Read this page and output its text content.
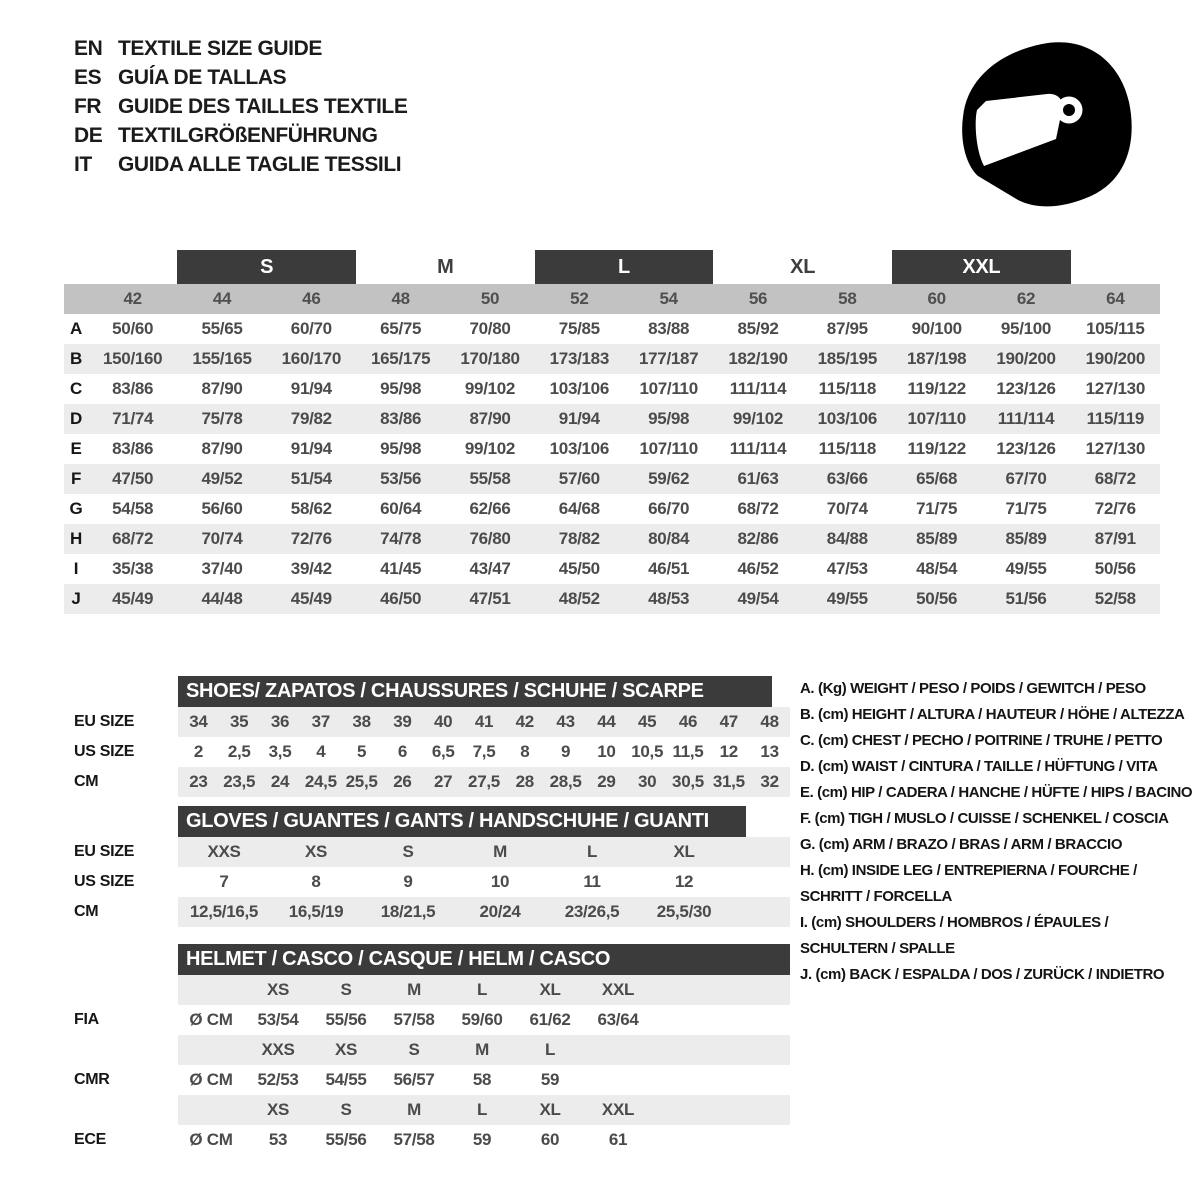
EN TEXTILE SIZE GUIDE
ES GUÍA DE TALLAS
FR GUIDE DES TAILLES TEXTILE
DE TEXTILGRÖßENFÜHRUNG
IT	GUIDA ALLE TAGLIE TESSILI
S	M	L	XL	XXL
42	44	46	48	50	52	54	56	58	60	62	64
A	50/60	55/65	60/70	65/75	70/80	75/85	83/88	85/92	87/95	90/100	95/100	105/115
B	150/160	155/165	160/170	165/175	170/180	173/183	177/187	182/190	185/195	187/198	190/200	190/200
C	83/86	87/90	91/94	95/98	99/102	103/106	107/110	111/114	115/118	119/122	123/126	127/130
D	71/74	75/78	79/82	83/86	87/90	91/94	95/98	99/102	103/106	107/110	111/114	115/119
E	83/86	87/90	91/94	95/98	99/102	103/106	107/110	111/114	115/118	119/122	123/126	127/130
F	47/50	49/52	51/54	53/56	55/58	57/60	59/62	61/63	63/66	65/68	67/70	68/72
G	54/58	56/60	58/62	60/64	62/66	64/68	66/70	68/72	70/74	71/75	71/75	72/76
H	68/72	70/74	72/76	74/78	76/80	78/82	80/84	82/86	84/88	85/89	85/89	87/91
I	35/38	37/40	39/42	41/45	43/47	45/50	46/51	46/52	47/53	48/54	49/55	50/56
J	45/49	44/48	45/49	46/50	47/51	48/52	48/53	49/54	49/55	50/56	51/56	52/58
SHOES/ ZAPATOS / CHAUSSURES / SCHUHE / SCARPE
EU SIZE	34	35	36	37	38	39	40	41	42	43	44	45	46	47	48
US SIZE	2	2,5	3,5	4	5	6	6,5	7,5	8	9	10 10,5 11,5 12	13
CM	23 23,5 24 24,5 25,5 26	27 27,5 28 28,5 29	30 30,5 31,5 32
GLOVES / GUANTES / GANTS / HANDSCHUHE / GUANTI
EU SIZE	XXS	XS	S	M	L	XL
US SIZE	7	8	9	10	11	12
CM	12,5/16,5	16,5/19	18/21,5	20/24	23/26,5	25,5/30
HELMET / CASCO / CASQUE / HELM / CASCO
XS	S	M	L	XL	XXL
FIA	Ø CM	53/54	55/56	57/58	59/60	61/62	63/64
XXS	XS	S	M	L
CMR	Ø CM	52/53	54/55	56/57	58	59
XS	S	M	L	XL	XXL
ECE	Ø CM	53	55/56	57/58	59	60	61
A. (Kg) WEIGHT / PESO / POIDS / GEWITCH / PESO
B. (cm) HEIGHT / ALTURA / HAUTEUR / HÖHE / ALTEZZA
C. (cm) CHEST / PECHO / POITRINE / TRUHE / PETTO
D. (cm) WAIST / CINTURA / TAILLE / HÜFTUNG / VITA
E. (cm) HIP / CADERA / HANCHE / HÜFTE / HIPS / BACINO
F. (cm) TIGH / MUSLO / CUISSE / SCHENKEL / COSCIA
G. (cm) ARM / BRAZO / BRAS / ARM / BRACCIO
H. (cm) INSIDE LEG / ENTREPIERNA / FOURCHE /
SCHRITT / FORCELLA
I. (cm) SHOULDERS / HOMBROS / ÉPAULES /
SCHULTERN / SPALLE
J. (cm) BACK / ESPALDA / DOS / ZURÜCK / INDIETRO
